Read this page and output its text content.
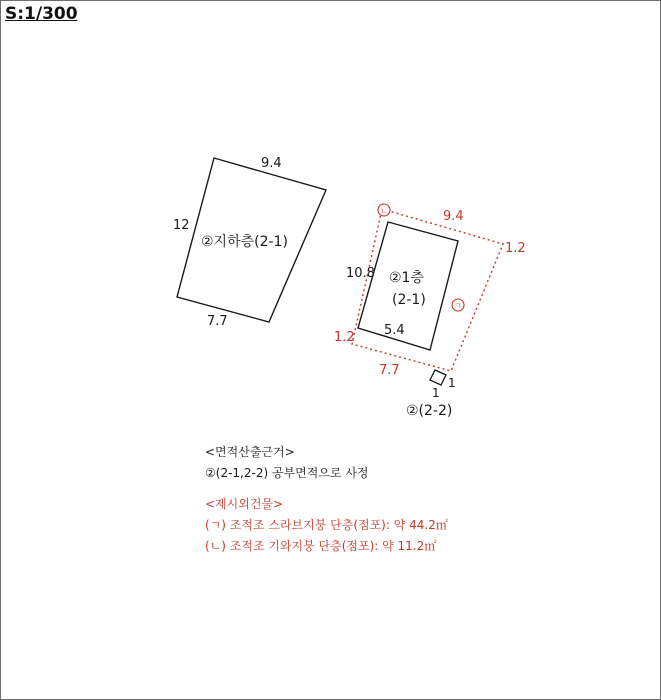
S:1/300

9.4
12
7.7
②지하층(2-1)
10.8
5.4
②1층
(2-1)
9.4
1.2
1.2
7.7
ㄴ
ㄱ
1
1
②(2-2)

<면적산출근거>

②(2-1,2-2) 공부면적으로 사정

<제시외건물>

(ㄱ) 조적조 스라브지붕 단층(점포): 약 44.2㎡

(ㄴ) 조적조 기와지붕 단층(점포): 약 11.2㎡
